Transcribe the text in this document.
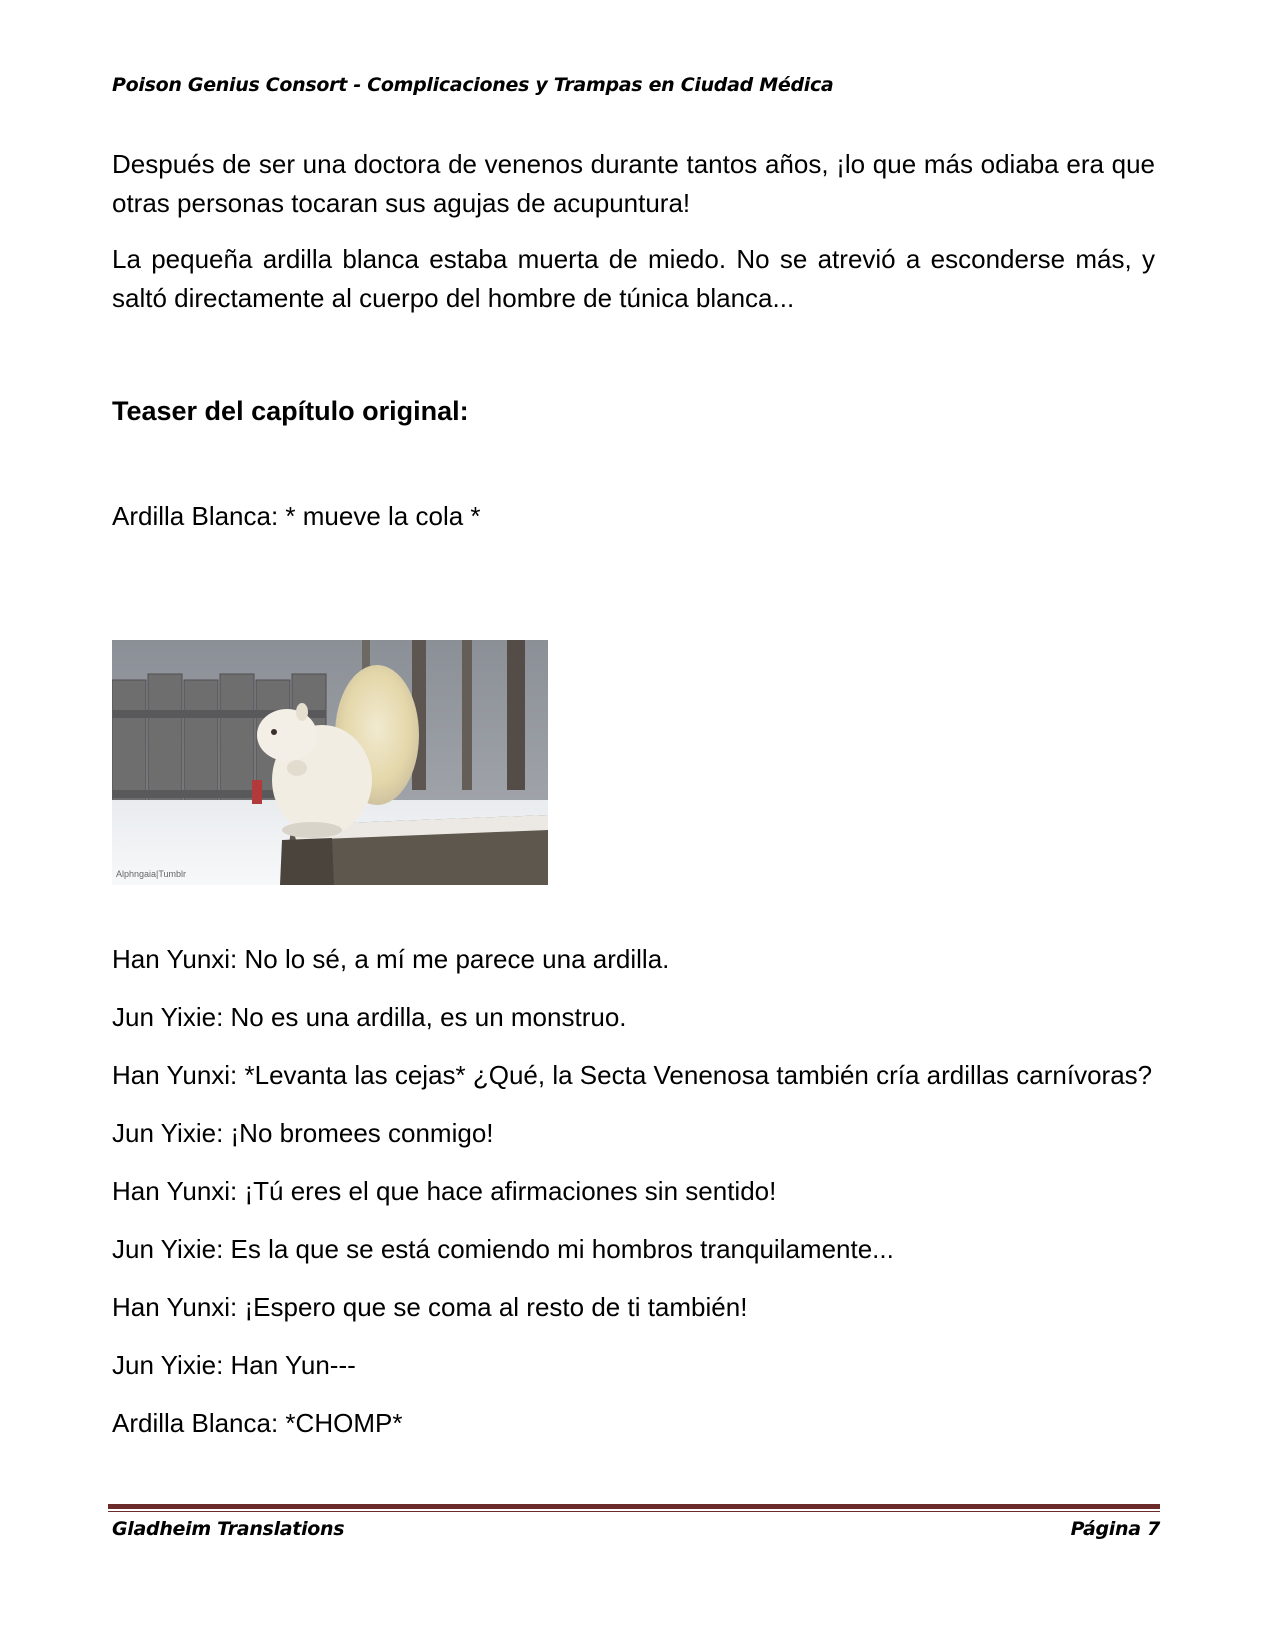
Poison Genius Consort - Complicaciones y Trampas en Ciudad Médica

Después de ser una doctora de venenos durante tantos años, ¡lo que más odiaba era que otras personas tocaran sus agujas de acupuntura!

La pequeña ardilla blanca estaba muerta de miedo. No se atrevió a esconderse más, y saltó directamente al cuerpo del hombre de túnica blanca...

Teaser del capítulo original:

Ardilla Blanca: * mueve la cola *

Alphngaia|Tumblr

Han Yunxi: No lo sé, a mí me parece una ardilla.

Jun Yixie: No es una ardilla, es un monstruo.

Han Yunxi: *Levanta las cejas* ¿Qué, la Secta Venenosa también cría ardillas carnívoras?

Jun Yixie: ¡No bromees conmigo!

Han Yunxi: ¡Tú eres el que hace afirmaciones sin sentido!

Jun Yixie: Es la que se está comiendo mi hombros tranquilamente...

Han Yunxi: ¡Espero que se coma al resto de ti también!

Jun Yixie: Han Yun---

Ardilla Blanca: *CHOMP*

Gladheim Translations	Página 7
